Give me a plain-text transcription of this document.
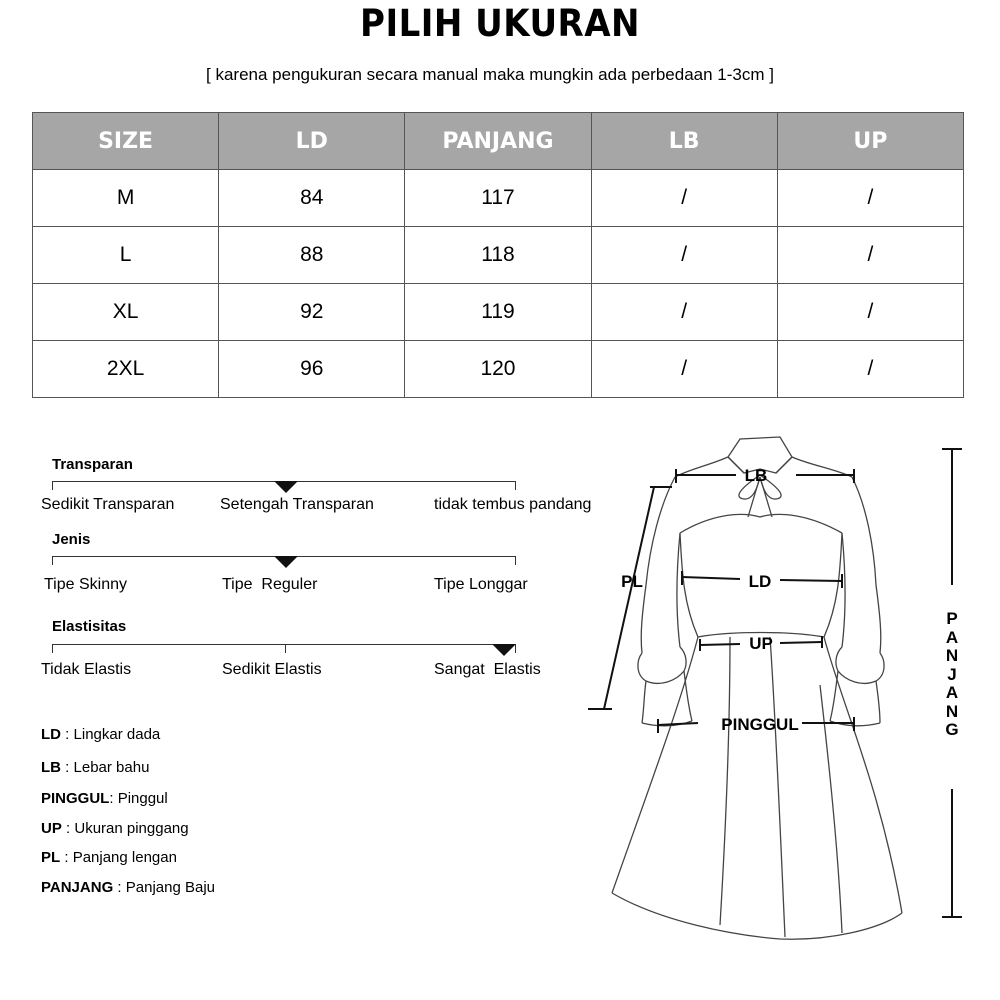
PILIH UKURAN
[ karena pengukuran secara manual maka mungkin ada perbedaan 1-3cm ]
SIZE	LD	PANJANG	LB	UP
M	84	117	/	/
L	88	118	/	/
XL	92	119	/	/
2XL	96	120	/	/
Transparan
Sedikit Transparan	Setengah Transparan	tidak tembus pandang
Jenis
Tipe Skinny	Tipe  Reguler	Tipe Longgar
Elastisitas
Tidak Elastis	Sedikit Elastis	Sangat  Elastis
LD : Lingkar dada
LB : Lebar bahu
PINGGUL: Pinggul
UP : Ukuran pinggang
PL : Panjang lengan
PANJANG : Panjang Baju
LB
LD
UP
PL
PINGGUL
P
A
N
J
A
N
G
